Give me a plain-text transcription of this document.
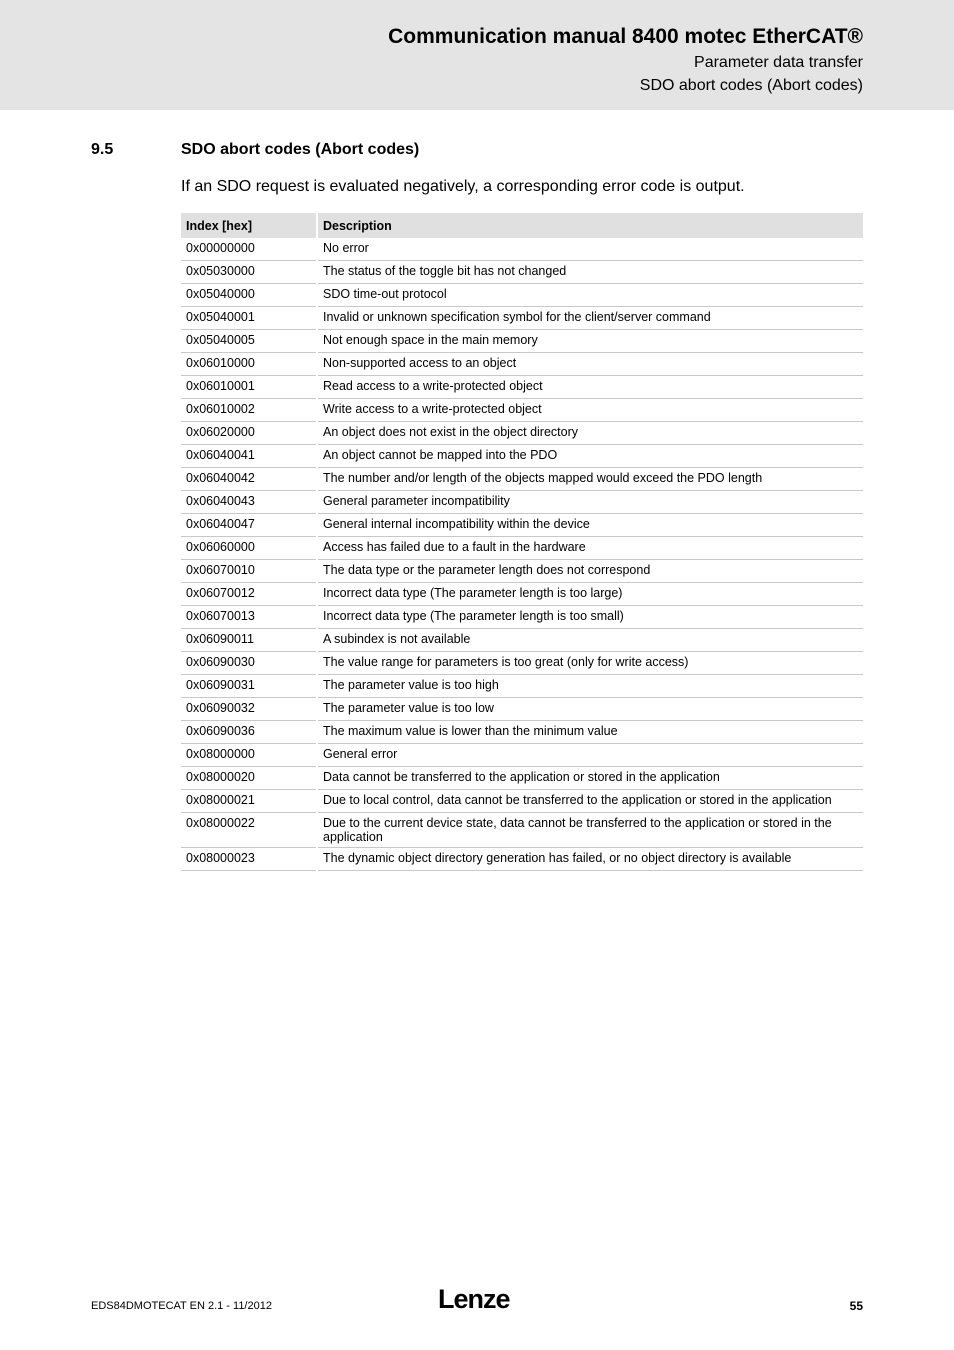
Communication manual 8400 motec EtherCAT®
Parameter data transfer
SDO abort codes (Abort codes)
9.5	SDO abort codes (Abort codes)
If an SDO request is evaluated negatively, a corresponding error code is output.
Index [hex]	Description
0x00000000	No error
0x05030000	The status of the toggle bit has not changed
0x05040000	SDO time-out protocol
0x05040001	Invalid or unknown specification symbol for the client/server command
0x05040005	Not enough space in the main memory
0x06010000	Non-supported access to an object
0x06010001	Read access to a write-protected object
0x06010002	Write access to a write-protected object
0x06020000	An object does not exist in the object directory
0x06040041	An object cannot be mapped into the PDO
0x06040042	The number and/or length of the objects mapped would exceed the PDO length
0x06040043	General parameter incompatibility
0x06040047	General internal incompatibility within the device
0x06060000	Access has failed due to a fault in the hardware
0x06070010	The data type or the parameter length does not correspond
0x06070012	Incorrect data type (The parameter length is too large)
0x06070013	Incorrect data type (The parameter length is too small)
0x06090011	A subindex is not available
0x06090030	The value range for parameters is too great (only for write access)
0x06090031	The parameter value is too high
0x06090032	The parameter value is too low
0x06090036	The maximum value is lower than the minimum value
0x08000000	General error
0x08000020	Data cannot be transferred to the application or stored in the application
0x08000021	Due to local control, data cannot be transferred to the application or stored in the application
0x08000022	Due to the current device state, data cannot be transferred to the application or stored in the application
0x08000023	The dynamic object directory generation has failed, or no object directory is available
EDS84DMOTECAT EN 2.1 - 11/2012	Lenze	55
